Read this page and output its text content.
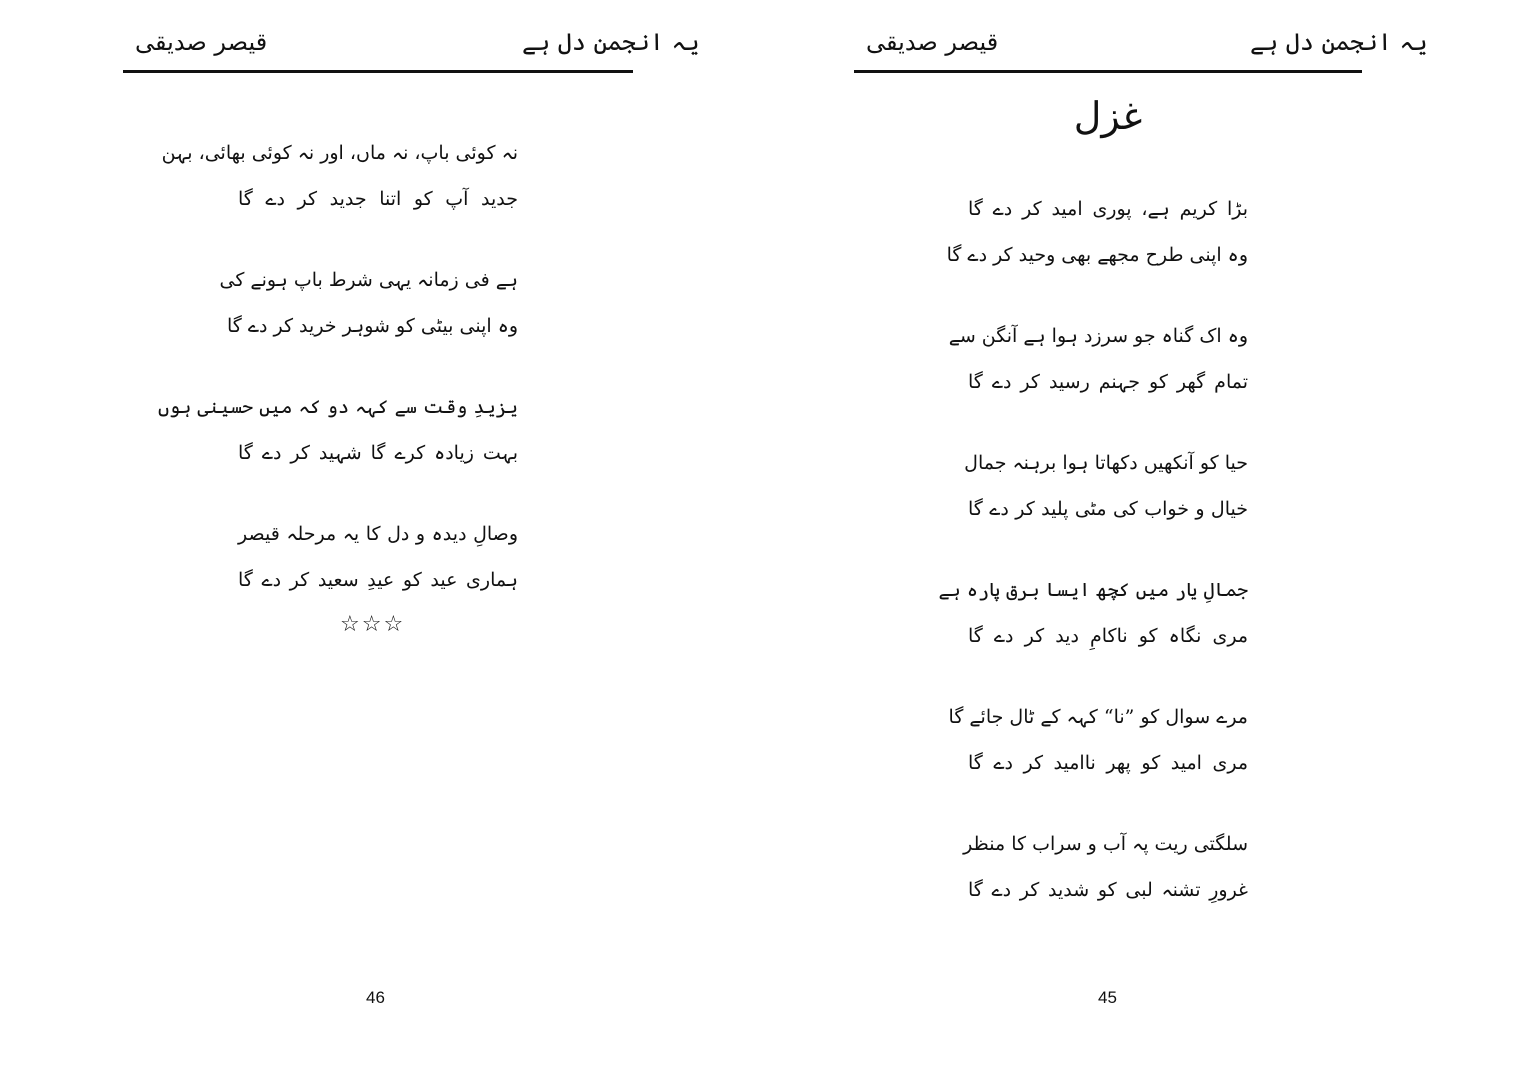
قیصر صدیقی	یہ انجمن دل ہے
نہ کوئی باپ، نہ ماں، اور نہ کوئی بھائی، بہن
جدید آپ کو اتنا جدید کر دے گا
ہے فی زمانہ یہی شرط باپ ہونے کی
وہ اپنی بیٹی کو شوہر خرید کر دے گا
یزیدِ وقت سے کہہ دو کہ میں حسینی ہوں
بہت زیادہ کرے گا شہید کر دے گا
وصالِ دیدہ و دل کا یہ مرحلہ قیصر
ہماری عید کو عیدِ سعید کر دے گا
☆☆☆
46
قیصر صدیقی	یہ انجمن دل ہے
غزل
بڑا کریم ہے، پوری امید کر دے گا
وہ اپنی طرح مجھے بھی وحید کر دے گا
وہ اک گناہ جو سرزد ہوا ہے آنگن سے
تمام گھر کو جہنم رسید کر دے گا
حیا کو آنکھیں دکھاتا ہوا برہنہ جمال
خیال و خواب کی مٹی پلید کر دے گا
جمالِ یار میں کچھ ایسا برق پارہ ہے
مری نگاہ کو ناکامِ دید کر دے گا
مرے سوال کو ”نا“ کہہ کے ٹال جائے گا
مری امید کو پھر ناامید کر دے گا
سلگتی ریت پہ آب و سراب کا منظر
غرورِ تشنہ لبی کو شدید کر دے گا
45
